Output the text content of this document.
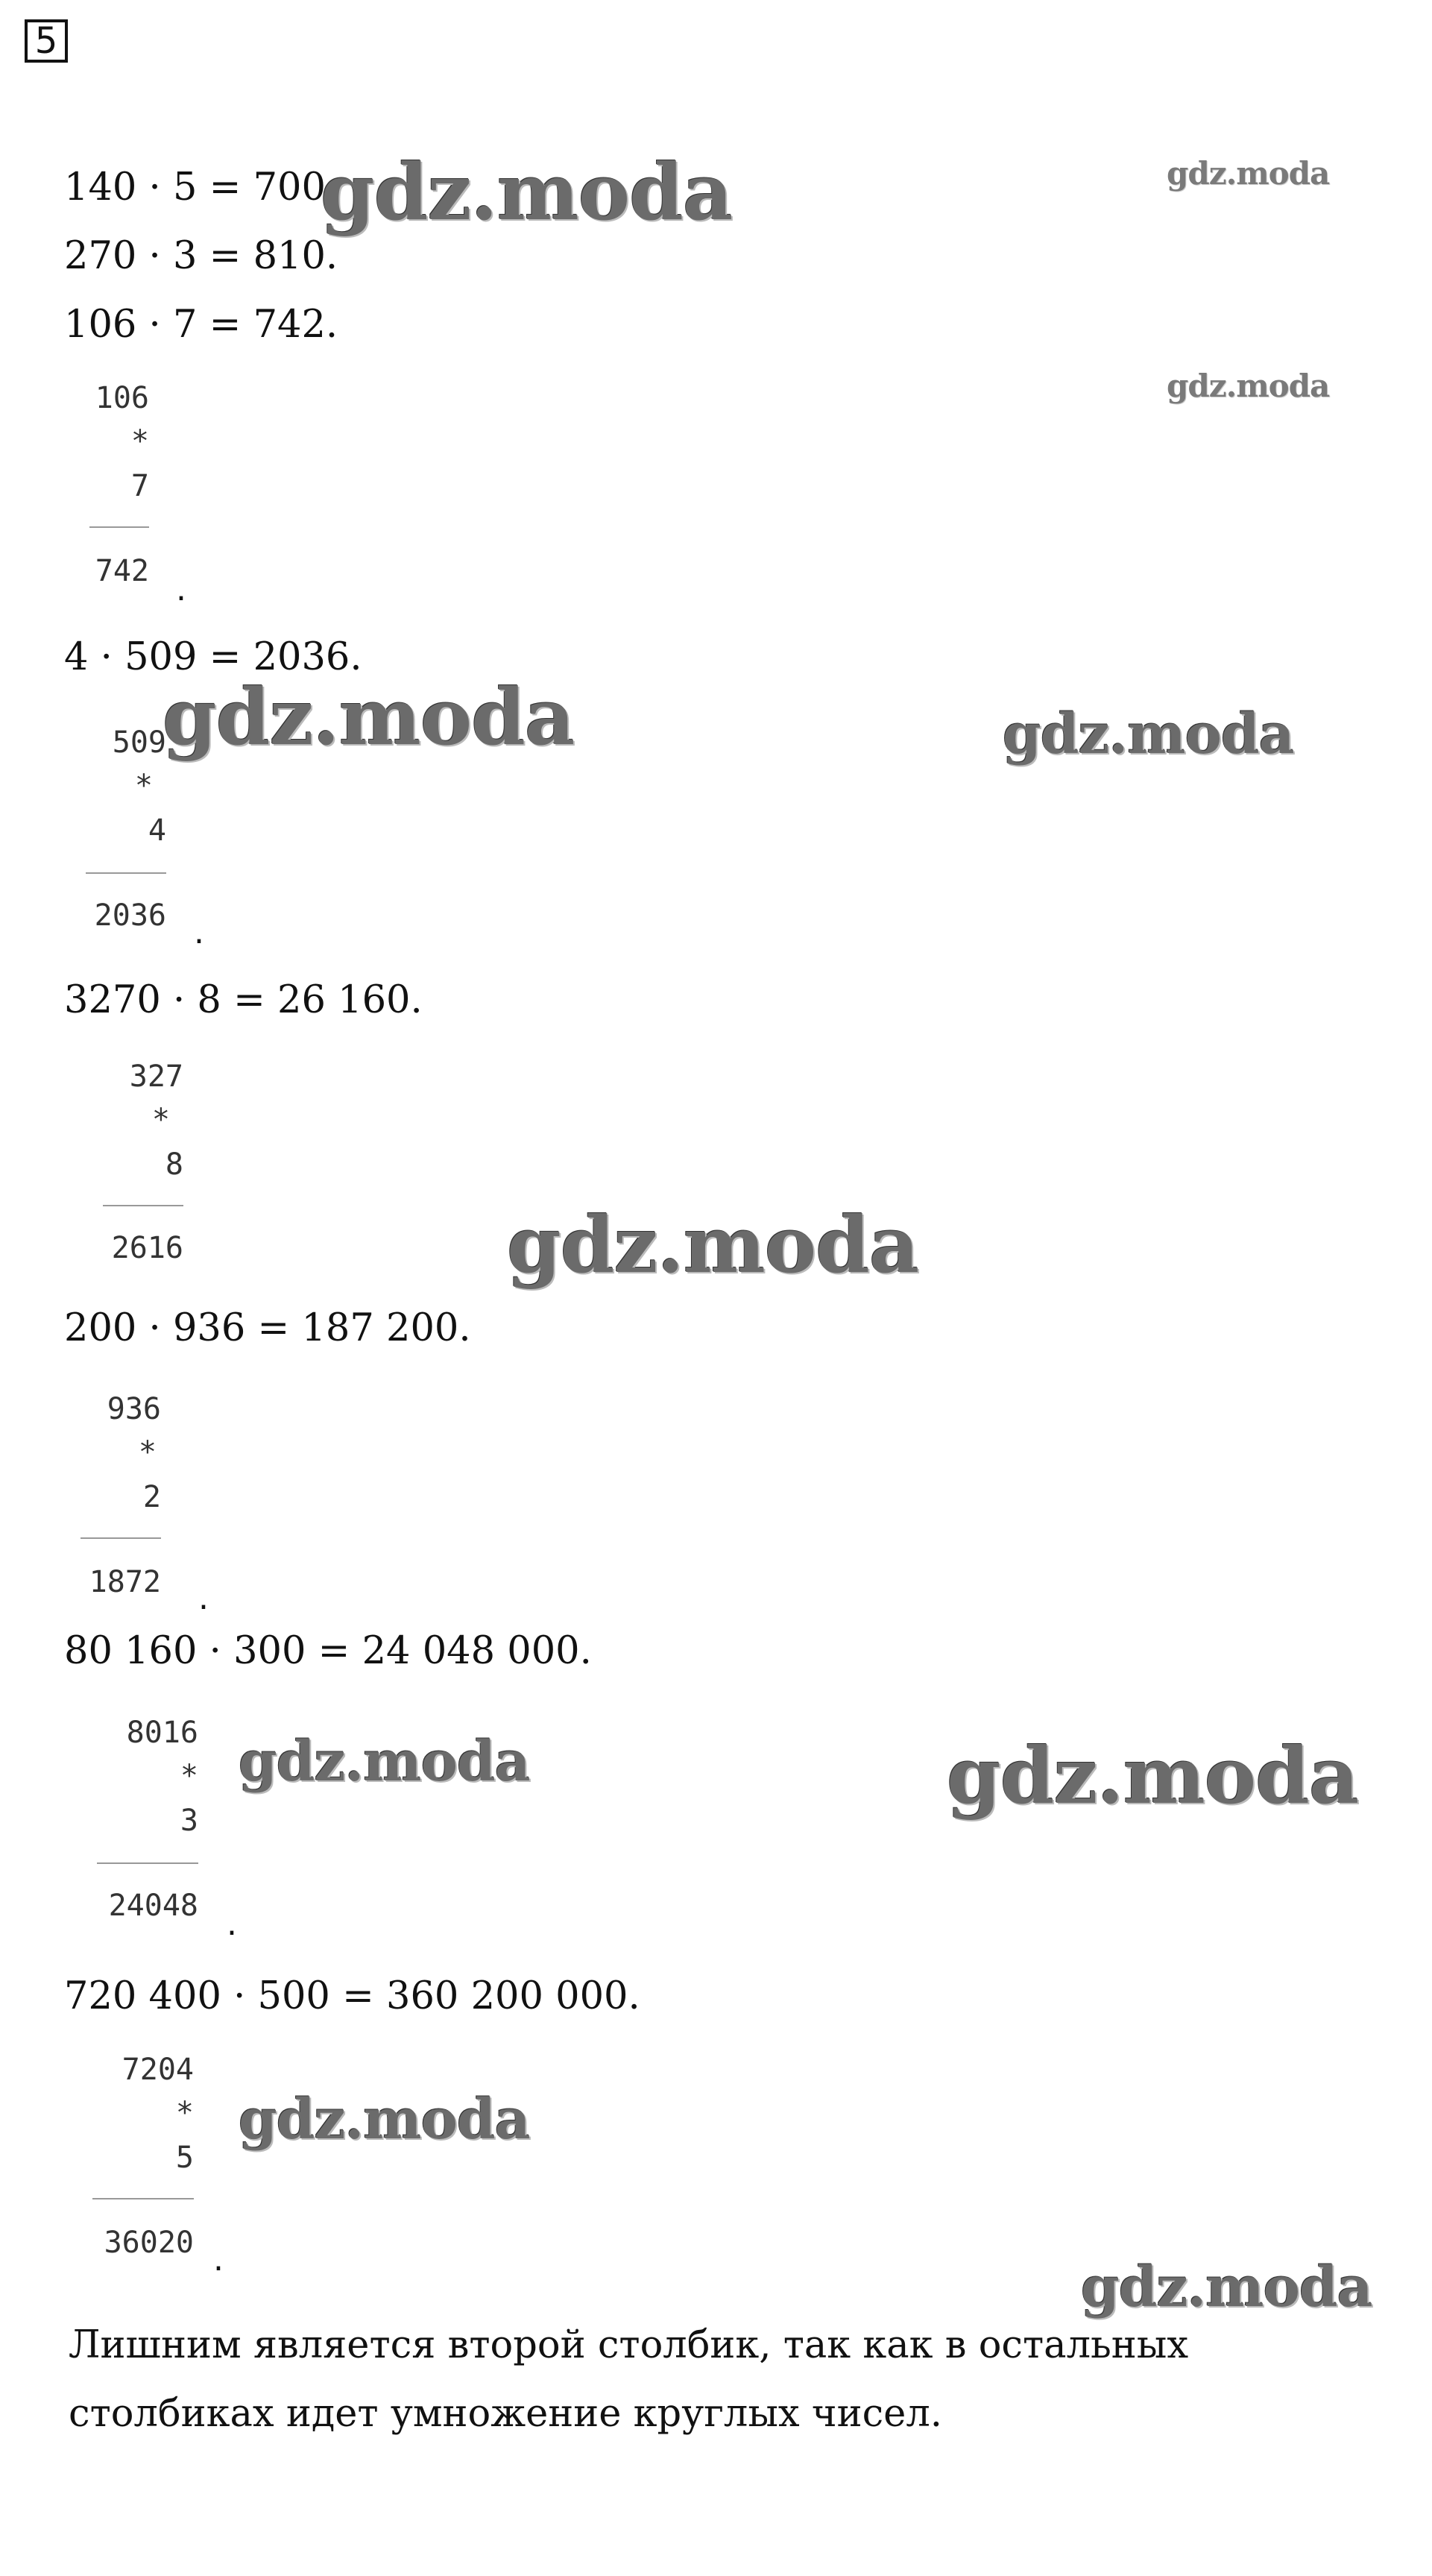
5
140 · 5 = 700.
270 · 3 = 810.
106 · 7 = 742.
106
*
7
742 .
4 · 509 = 2036.
509
*
4
2036 .
3270 · 8 = 26 160.
327
*
8
2616
200 · 936 = 187 200.
936
*
2
1872 .
80 160 · 300 = 24 048 000.
8016
*
3
24048 .
720 400 · 500 = 360 200 000.
7204
*
5
36020 .
Лишним является второй столбик, так как в остальных столбиках идет умножение круглых чисел.
gdz.moda	gdz.moda
gdz.moda
gdz.moda	gdz.moda
gdz.moda
gdz.moda	gdz.moda
gdz.moda
gdz.moda
